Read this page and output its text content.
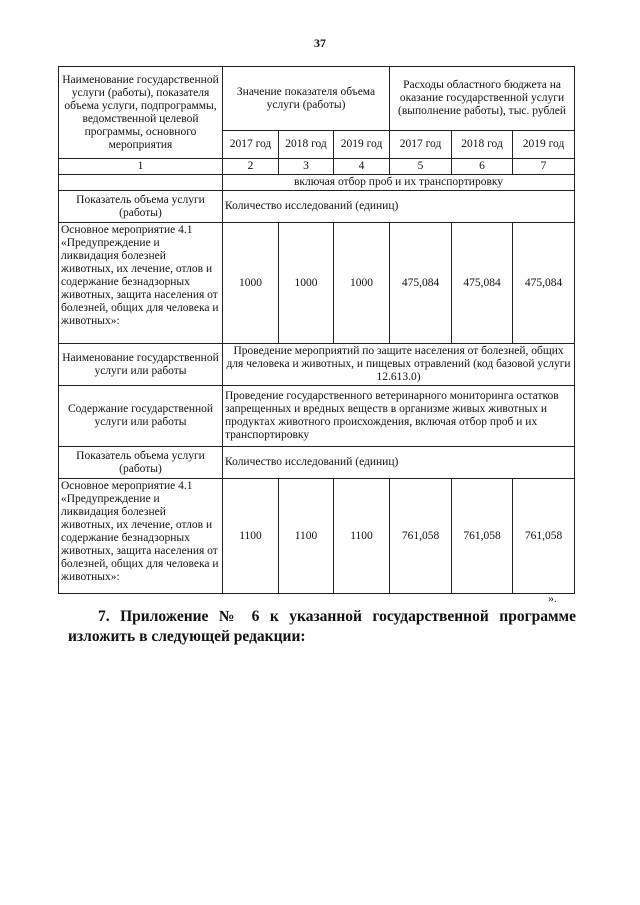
37
Наименование государственной услуги (работы), показателя объема услуги, подпрограммы, ведомственной целевой программы, основного мероприятия	Значение показателя объема услуги (работы)			Расходы областного бюджета на оказание государственной услуги (выполнение работы), тыс. рублей		
	2017 год	2018 год	2019 год	2017 год	2018 год	2019 год
1	2	3	4	5	6	7
	включая отбор проб и их транспортировку					
Показатель объема услуги (работы)	Количество исследований (единиц)					
Основное мероприятие 4.1 «Предупреждение и ликвидация болезней животных, их лечение, отлов и содержание безнадзорных животных, защита населения от болезней, общих для человека и животных»:	1000	1000	1000	475,084	475,084	475,084
Наименование государственной услуги или работы	Проведение мероприятий по защите населения от болезней, общих для человека и животных, и пищевых отравлений (код базовой услуги 12.613.0)					
Содержание государственной услуги или работы	Проведение государственного ветеринарного мониторинга остатков запрещенных и вредных веществ в организме живых животных и продуктах животного происхождения, включая отбор проб и их транспортировку					
Показатель объема услуги (работы)	Количество исследований (единиц)					
Основное мероприятие 4.1 «Предупреждение и ликвидация болезней животных, их лечение, отлов и содержание безнадзорных животных, защита населения от болезней, общих для человека и животных»:	1100	1100	1100	761,058	761,058	761,058
».
7. Приложение № 6 к указанной государственной программе изложить в следующей редакции:
